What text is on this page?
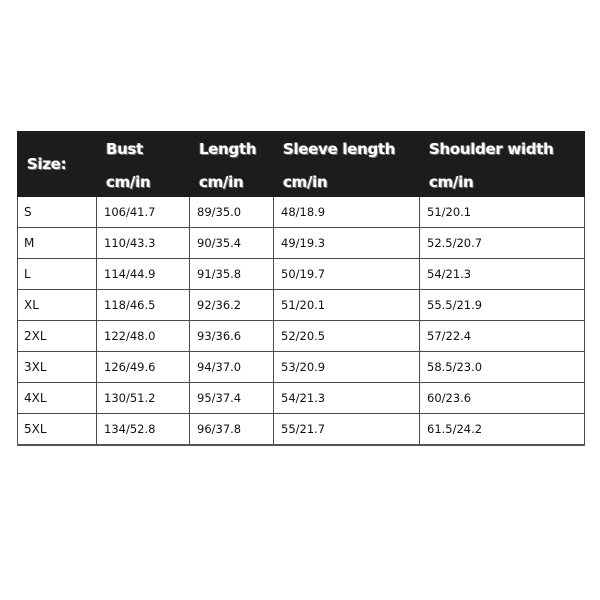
Size:	Bust	Length	Sleeve length	Shoulder width
	cm/in	cm/in	cm/in	cm/in
S	106/41.7	89/35.0	48/18.9	51/20.1
M	110/43.3	90/35.4	49/19.3	52.5/20.7
L	114/44.9	91/35.8	50/19.7	54/21.3
XL	118/46.5	92/36.2	51/20.1	55.5/21.9
2XL	122/48.0	93/36.6	52/20.5	57/22.4
3XL	126/49.6	94/37.0	53/20.9	58.5/23.0
4XL	130/51.2	95/37.4	54/21.3	60/23.6
5XL	134/52.8	96/37.8	55/21.7	61.5/24.2
